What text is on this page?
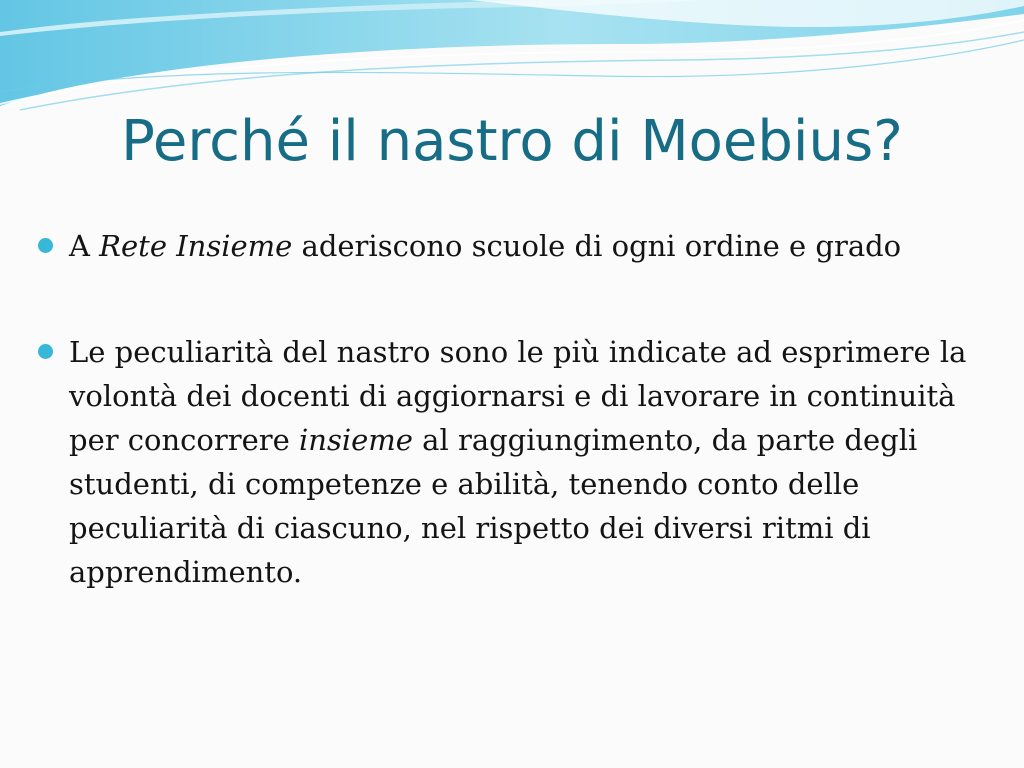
Perché il nastro di Moebius?
A Rete Insieme aderiscono scuole di ogni ordine e grado
Le peculiarità del nastro sono le più indicate ad esprimere la volontà dei docenti di aggiornarsi e di lavorare in continuità per concorrere insieme al raggiungimento, da parte degli studenti, di competenze e abilità, tenendo conto delle peculiarità di ciascuno, nel rispetto dei diversi ritmi di apprendimento.
